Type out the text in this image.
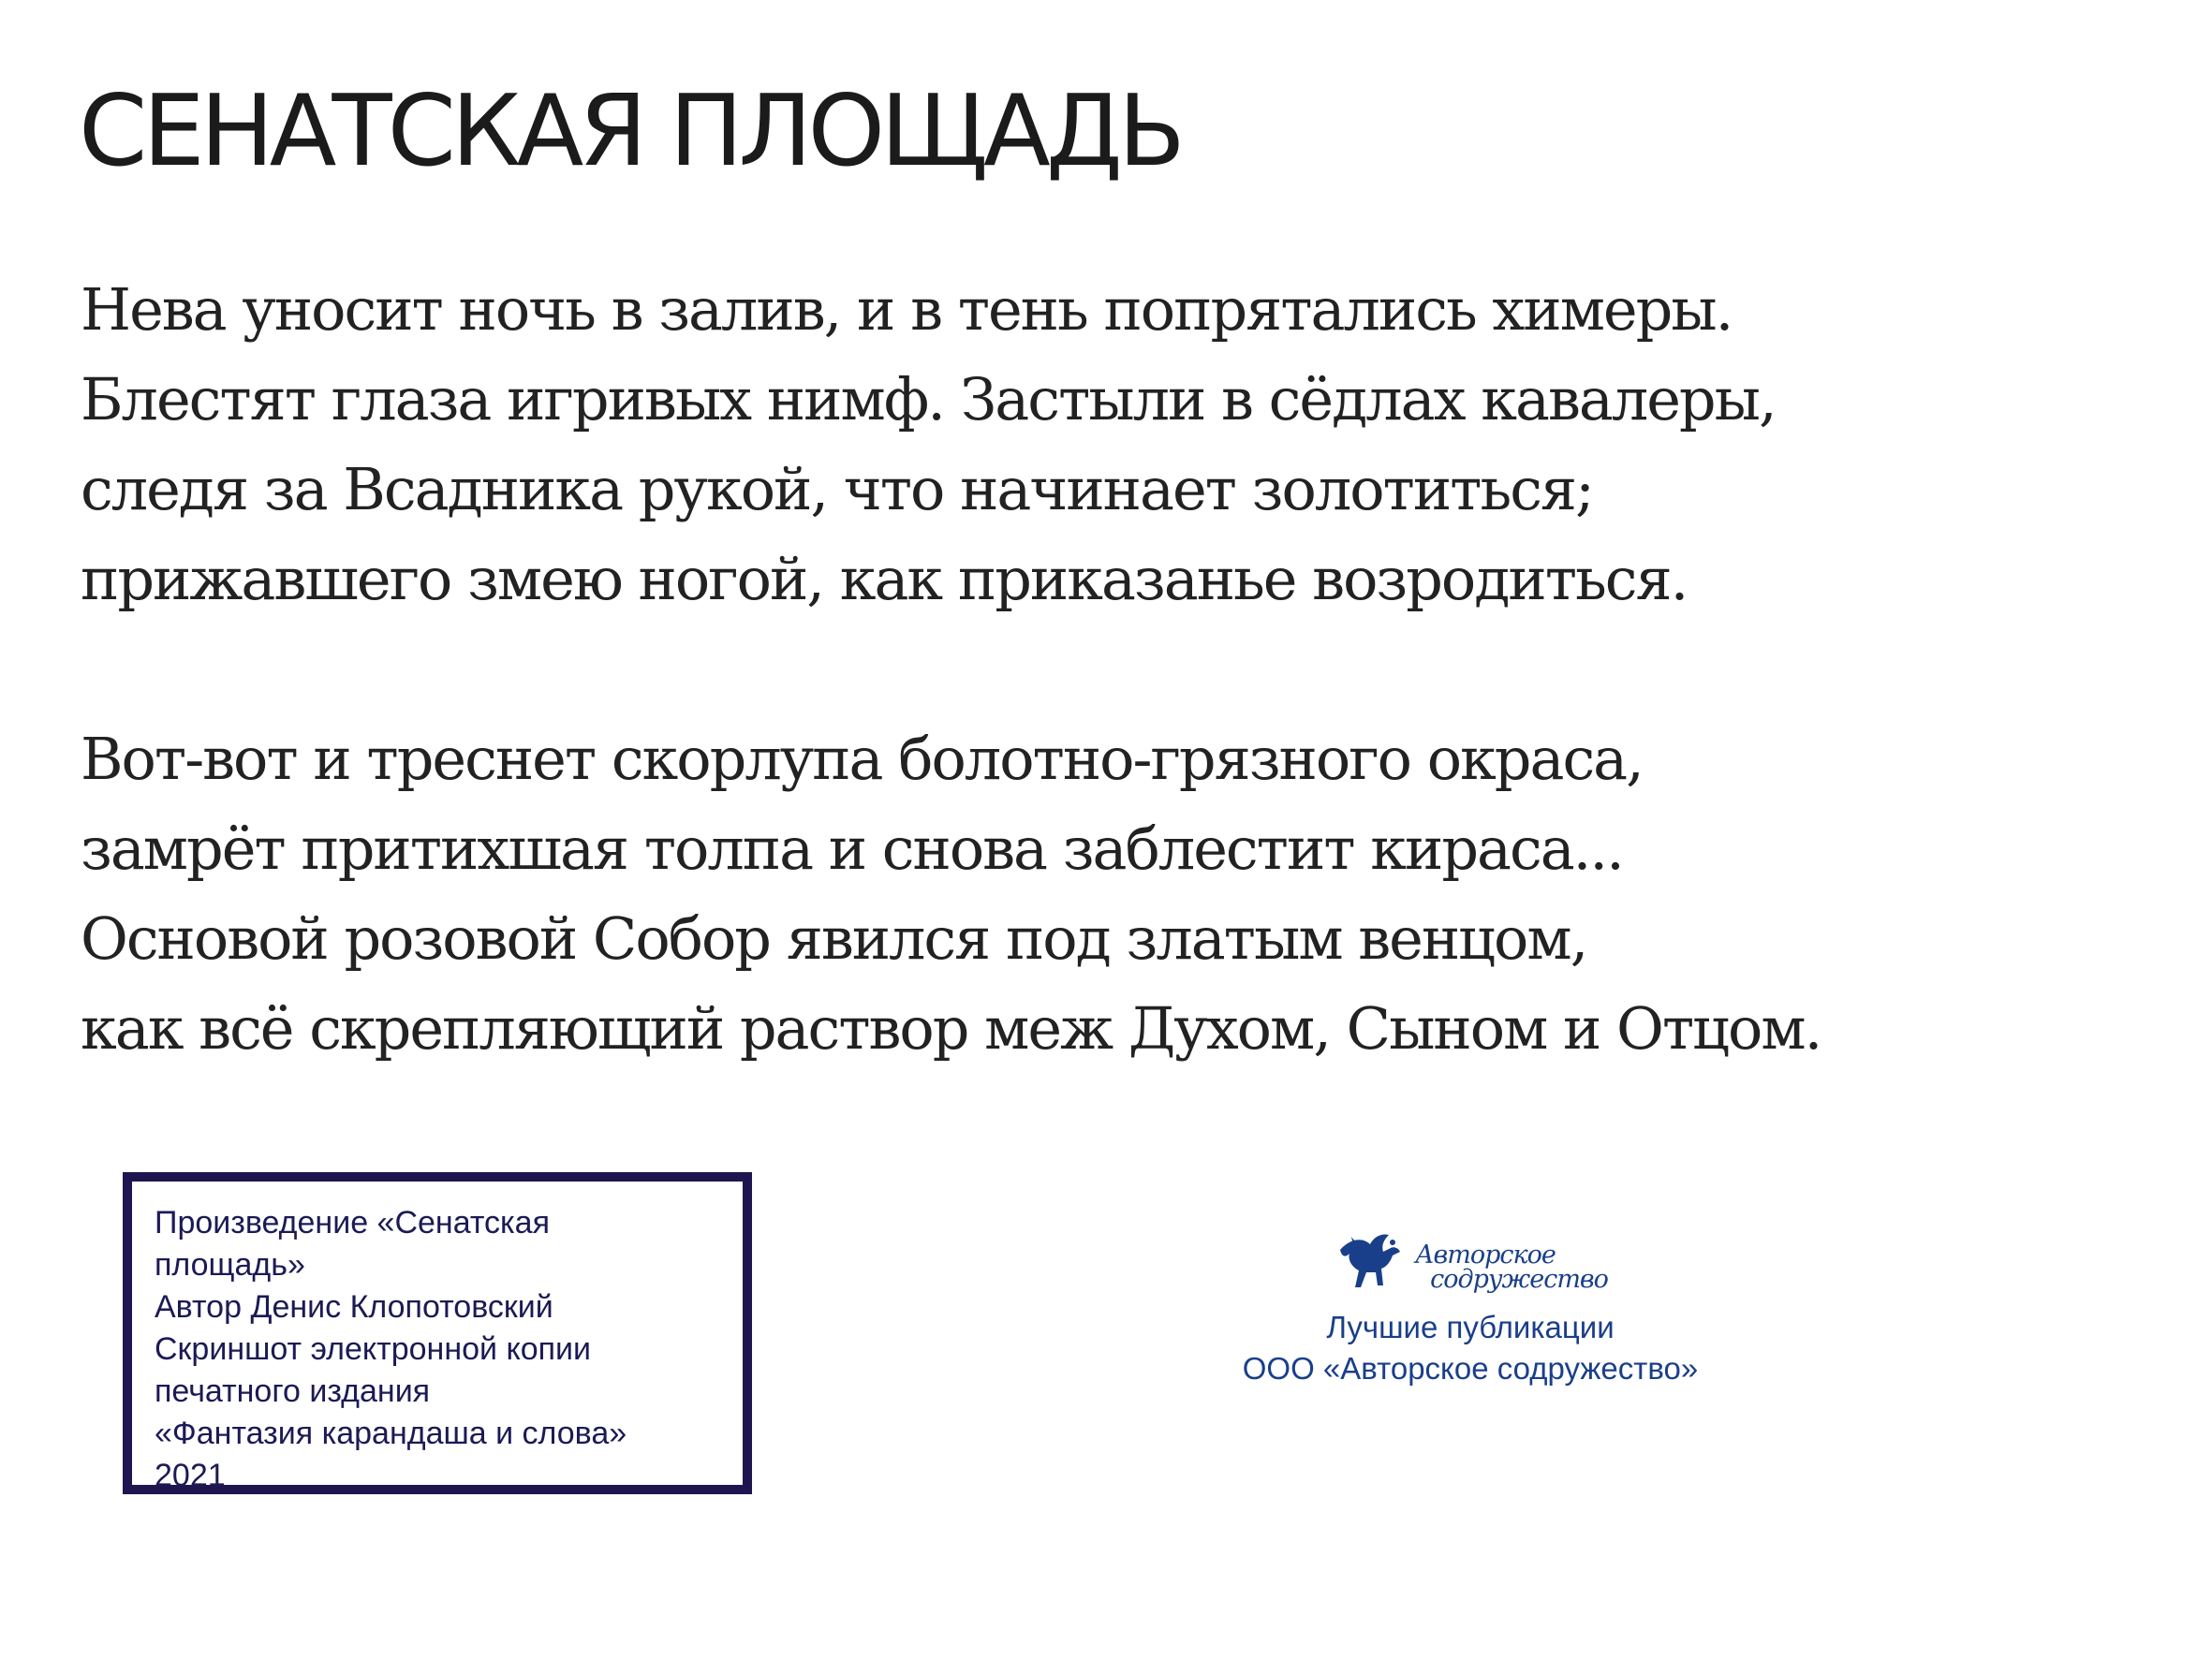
СЕНАТСКАЯ ПЛОЩАДЬ

Нева уносит ночь в залив, и в тень попрятались химеры.
Блестят глаза игривых нимф. Застыли в сёдлах кавалеры,
следя за Всадника рукой, что начинает золотиться;
прижавшего змею ногой, как приказанье возродиться.

Вот-вот и треснет скорлупа болотно-грязного окраса,
замрёт притихшая толпа и снова заблестит кираса...
Основой розовой Собор явился под златым венцом,
как всё скрепляющий раствор меж Духом, Сыном и Отцом.

Произведение «Сенатская
площадь»
Автор Денис Клопотовский
Скриншот электронной копии
печатного издания
«Фантазия карандаша и слова»
2021
Авторское
содружество
Лучшие публикации
ООО «Авторское содружество»
